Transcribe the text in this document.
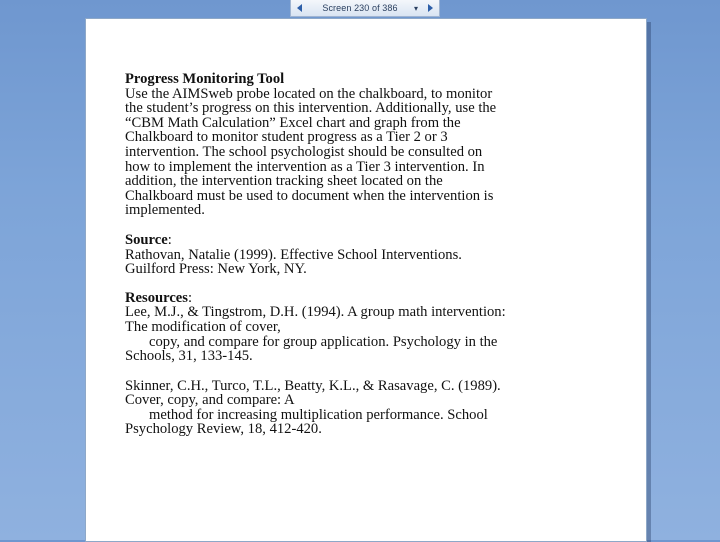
Screen 230 of 386	▾
Progress Monitoring Tool
Use the AIMSweb probe located on the chalkboard, to monitor
the student’s progress on this intervention. Additionally, use the
“CBM Math Calculation” Excel chart and graph from the
Chalkboard to monitor student progress as a Tier 2 or 3
intervention. The school psychologist should be consulted on
how to implement the intervention as a Tier 3 intervention. In
addition, the intervention tracking sheet located on the
Chalkboard must be used to document when the intervention is
implemented.
Source:
Rathovan, Natalie (1999). Effective School Interventions.
Guilford Press: New York, NY.
Resources:
Lee, M.J., & Tingstrom, D.H. (1994). A group math intervention:
The modification of cover,
copy, and compare for group application. Psychology in the
Schools, 31, 133-145.
Skinner, C.H., Turco, T.L., Beatty, K.L., & Rasavage, C. (1989).
Cover, copy, and compare: A
method for increasing multiplication performance. School
Psychology Review, 18, 412-420.
